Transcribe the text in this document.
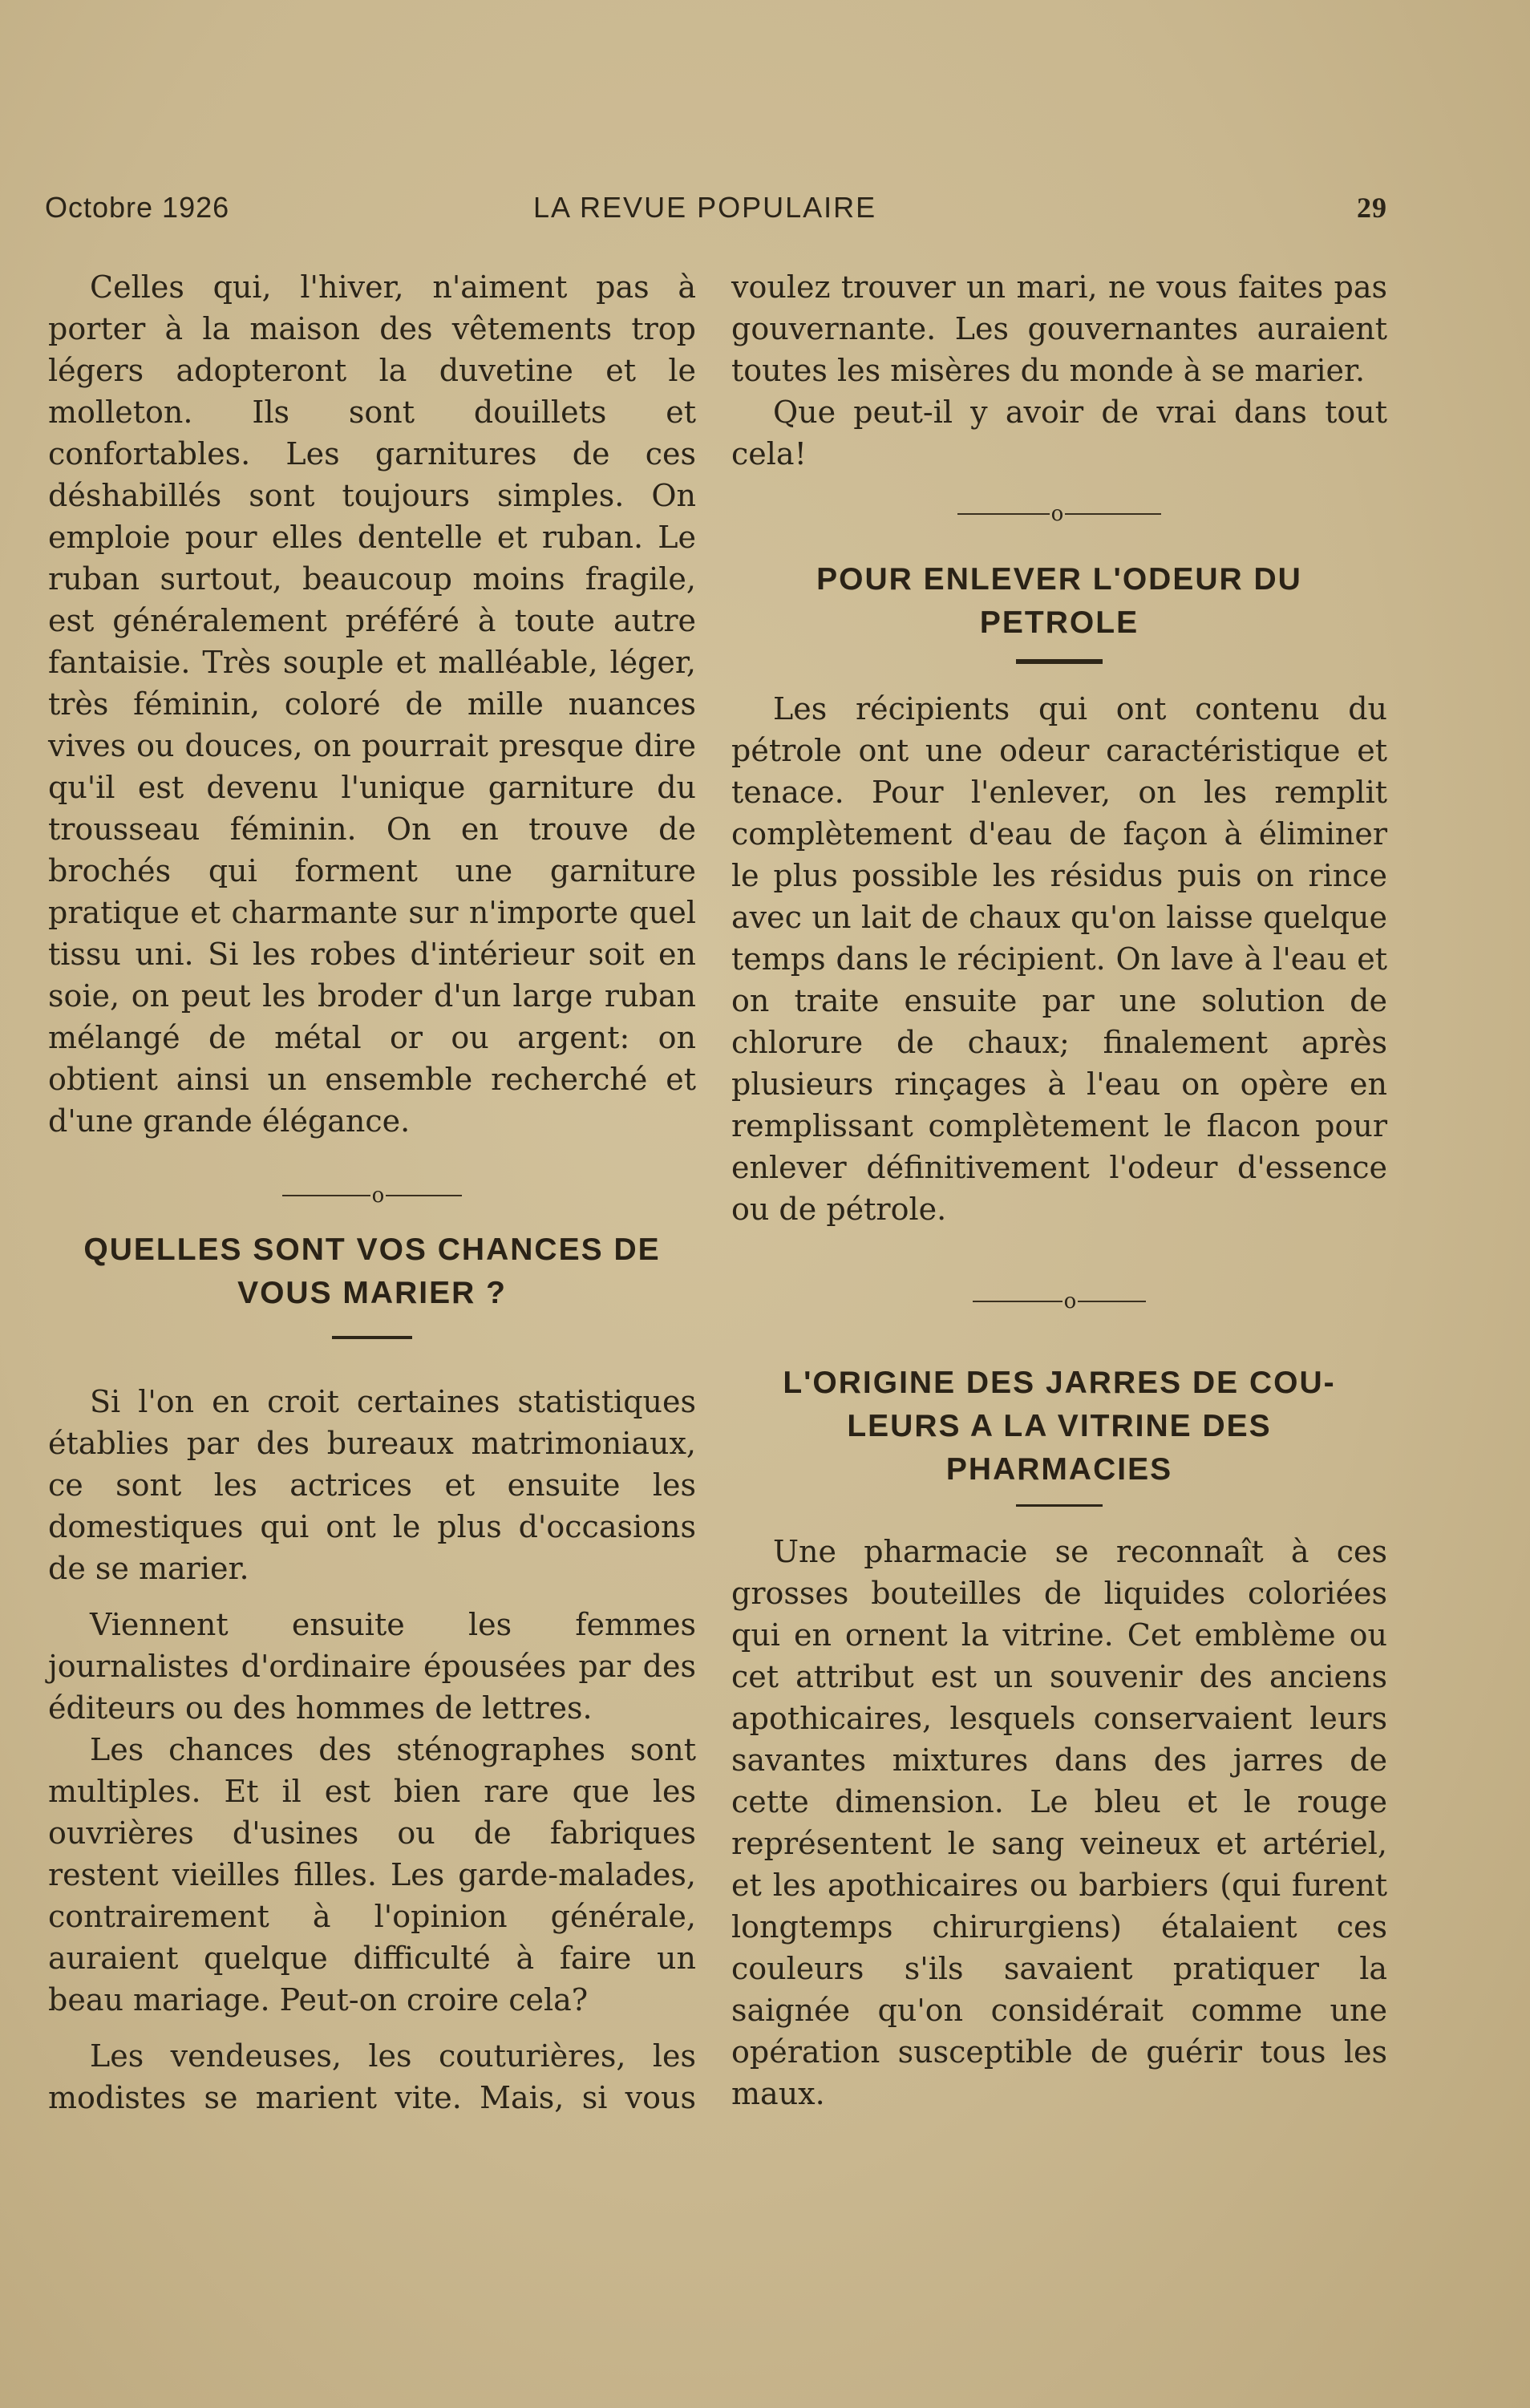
Octobre 1926	LA REVUE POPULAIRE	29

Celles qui, l'hiver, n'aiment pas à porter à la maison des vêtements trop légers adopteront la duvetine et le molleton. Ils sont douillets et confortables. Les garnitures de ces déshabillés sont toujours simples. On emploie pour elles dentelle et ruban. Le ruban surtout, beaucoup moins fragile, est généralement préféré à toute autre fantaisie. Très souple et malléable, léger, très féminin, coloré de mille nuances vives ou douces, on pourrait presque dire qu'il est devenu l'unique garniture du trousseau féminin. On en trouve de brochés qui forment une garniture pratique et charmante sur n'importe quel tissu uni. Si les robes d'intérieur soit en soie, on peut les broder d'un large ruban mélangé de métal or ou argent: on obtient ainsi un ensemble recherché et d'une grande élégance.

o
QUELLES SONT VOS CHANCES DE
VOUS MARIER ?

Si l'on en croit certaines statistiques établies par des bureaux matrimoniaux, ce sont les actrices et ensuite les domestiques qui ont le plus d'occasions de se marier.

Viennent ensuite les femmes journalistes d'ordinaire épousées par des éditeurs ou des hommes de lettres.

Les chances des sténographes sont multiples. Et il est bien rare que les ouvrières d'usines ou de fabriques restent vieilles filles. Les garde-malades, contrairement à l'opinion générale, auraient quelque difficulté à faire un beau mariage. Peut-on croire cela?

Les vendeuses, les couturières, les modistes se marient vite. Mais, si vous

voulez trouver un mari, ne vous faites pas gouvernante. Les gouvernantes auraient toutes les misères du monde à se marier.

Que peut-il y avoir de vrai dans tout cela!

o
POUR ENLEVER L'ODEUR DU
PETROLE

Les récipients qui ont contenu du pétrole ont une odeur caractéristique et tenace. Pour l'enlever, on les remplit complètement d'eau de façon à éliminer le plus possible les résidus puis on rince avec un lait de chaux qu'on laisse quelque temps dans le récipient. On lave à l'eau et on traite ensuite par une solution de chlorure de chaux; finalement après plusieurs rinçages à l'eau on opère en remplissant complètement le flacon pour enlever définitivement l'odeur d'essence ou de pétrole.

o
L'ORIGINE DES JARRES DE COU-
LEURS A LA VITRINE DES
PHARMACIES

Une pharmacie se reconnaît à ces grosses bouteilles de liquides coloriées qui en ornent la vitrine. Cet emblème ou cet attribut est un souvenir des anciens apothicaires, lesquels conservaient leurs savantes mixtures dans des jarres de cette dimension. Le bleu et le rouge représentent le sang veineux et artériel, et les apothicaires ou barbiers (qui furent longtemps chirurgiens) étalaient ces couleurs s'ils savaient pratiquer la saignée qu'on considérait comme une opération susceptible de guérir tous les maux.
